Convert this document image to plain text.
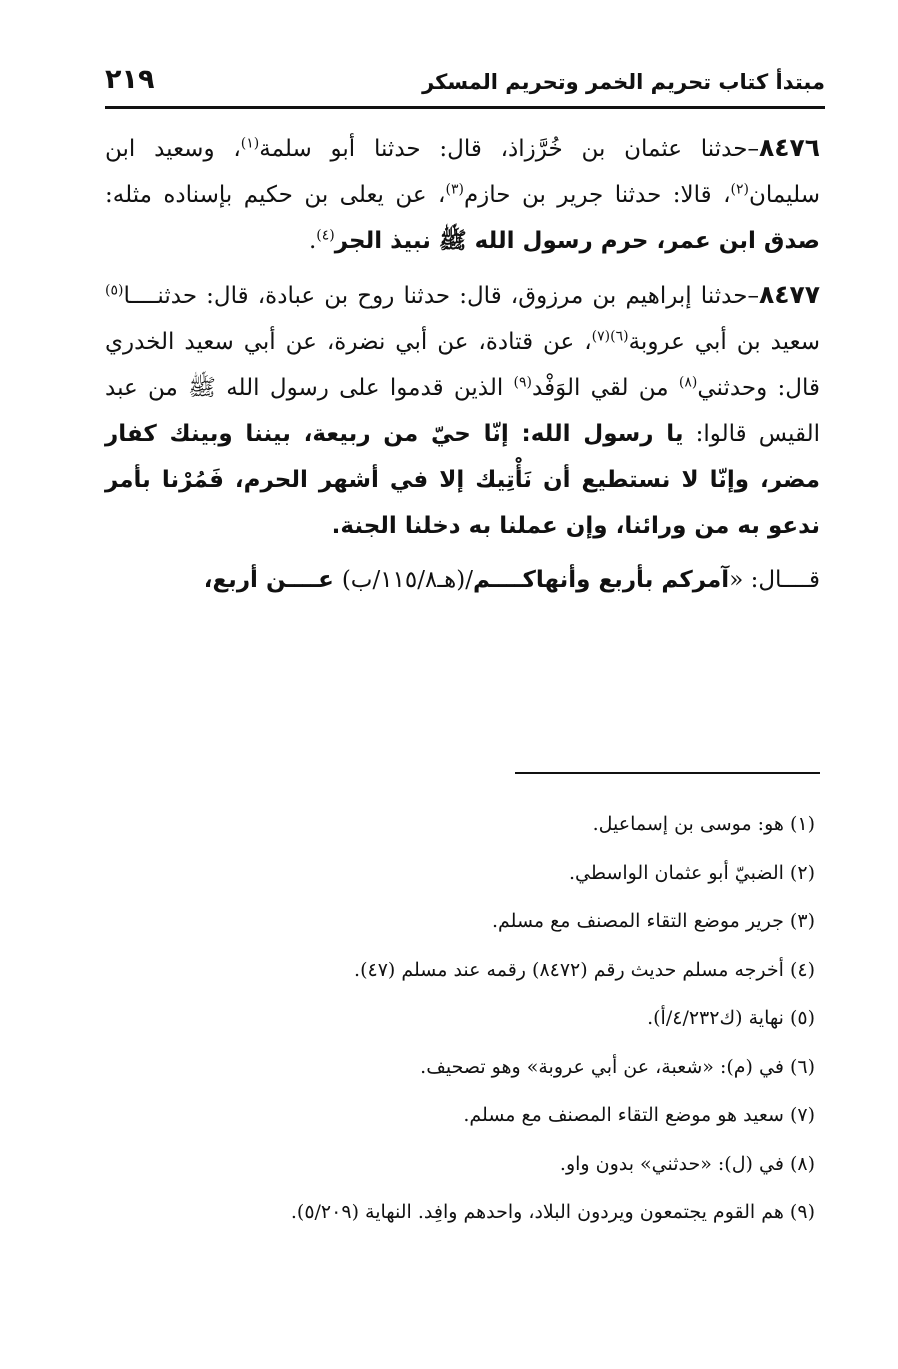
مبتدأ كتاب تحريم الخمر وتحريم المسكر
٢١٩

٨٤٧٦–حدثنا عثمان بن خُرَّزاذ، قال: حدثنا أبو سلمة$^{(١)}$، وسعيد ابن سليمان$^{(٢)}$، قالا: حدثنا جرير بن حازم$^{(٣)}$، عن يعلى بن حكيم بإسناده مثله: صدق ابن عمر، حرم رسول الله ﷺ نبيذ الجر$^{(٤)}$.

٨٤٧٧–حدثنا إبراهيم بن مرزوق، قال: حدثنا روح بن عبادة، قال: حدثنــــا$^{(٥)}$ سعيد بن أبي عروبة$^{(٦)(٧)}$، عن قتادة، عن أبي نضرة، عن أبي سعيد الخدري قال: وحدثني$^{(٨)}$ من لقي الوَفْد$^{(٩)}$ الذين قدموا على رسول الله ﷺ من عبد القيس قالوا: يا رسول الله: إنّا حيّ من ربيعة، بيننا وبينك كفار مضر، وإنّا لا نستطيع أن نَأْتِيك إلا في أشهر الحرم، فَمُرْنا بأمر ندعو به من ورائنا، وإن عملنا به دخلنا الجنة.

قــــال: «آمركم بأربع وأنهاكــــم/(هـ١١٥/٨/ب) عــــن أربع،

(١) هو: موسى بن إسماعيل.
(٢) الضبيّ أبو عثمان الواسطي.
(٣) جرير موضع التقاء المصنف مع مسلم.
(٤) أخرجه مسلم حديث رقم (٨٤٧٢) رقمه عند مسلم (٤٧).
(٥) نهاية (ك٤/٢٣٢/أ).
(٦) في (م): «شعبة، عن أبي عروبة» وهو تصحيف.
(٧) سعيد هو موضع التقاء المصنف مع مسلم.
(٨) في (ل): «حدثني» بدون واو.
(٩) هم القوم يجتمعون ويردون البلاد، واحدهم وافِد. النهاية (٥/٢٠٩).
